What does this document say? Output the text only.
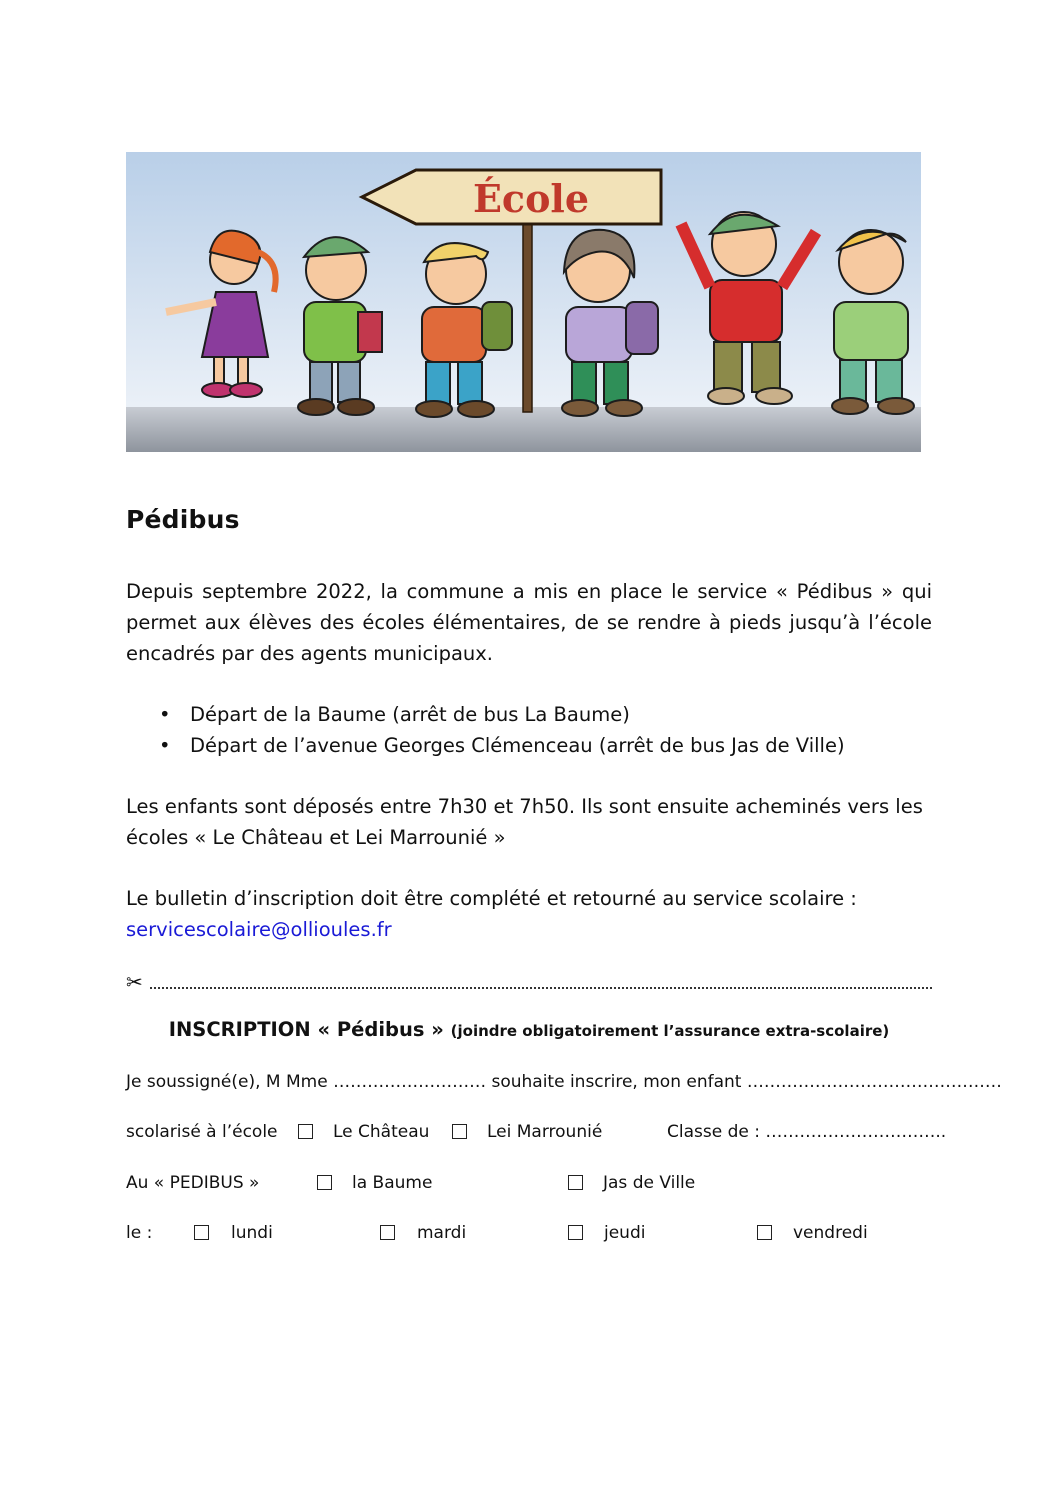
École
Pédibus

Depuis septembre 2022, la commune a mis en place le service « Pédibus » qui permet aux élèves des écoles élémentaires, de se rendre à pieds jusqu’à l’école encadrés par des agents municipaux.

• Départ de la Baume (arrêt de bus La Baume)
• Départ de l’avenue Georges Clémenceau (arrêt de bus Jas de Ville)

Les enfants sont déposés entre 7h30 et 7h50. Ils sont ensuite acheminés vers les écoles « Le Château et Lei Marrounié »

Le bulletin d’inscription doit être complété et retourné au service scolaire :
servicescolaire@ollioules.fr

✂

INSCRIPTION « Pédibus » (joindre obligatoirement l’assurance extra-scolaire)

Je soussigné(e), M Mme ……………………… souhaite inscrire, mon enfant ………………………………………
scolarisé à l’école	Le Château	Lei Marrounié	Classe de : …………………………..
Au « PEDIBUS »	la Baume	Jas de Ville
le :	lundi	mardi	jeudi	vendredi
